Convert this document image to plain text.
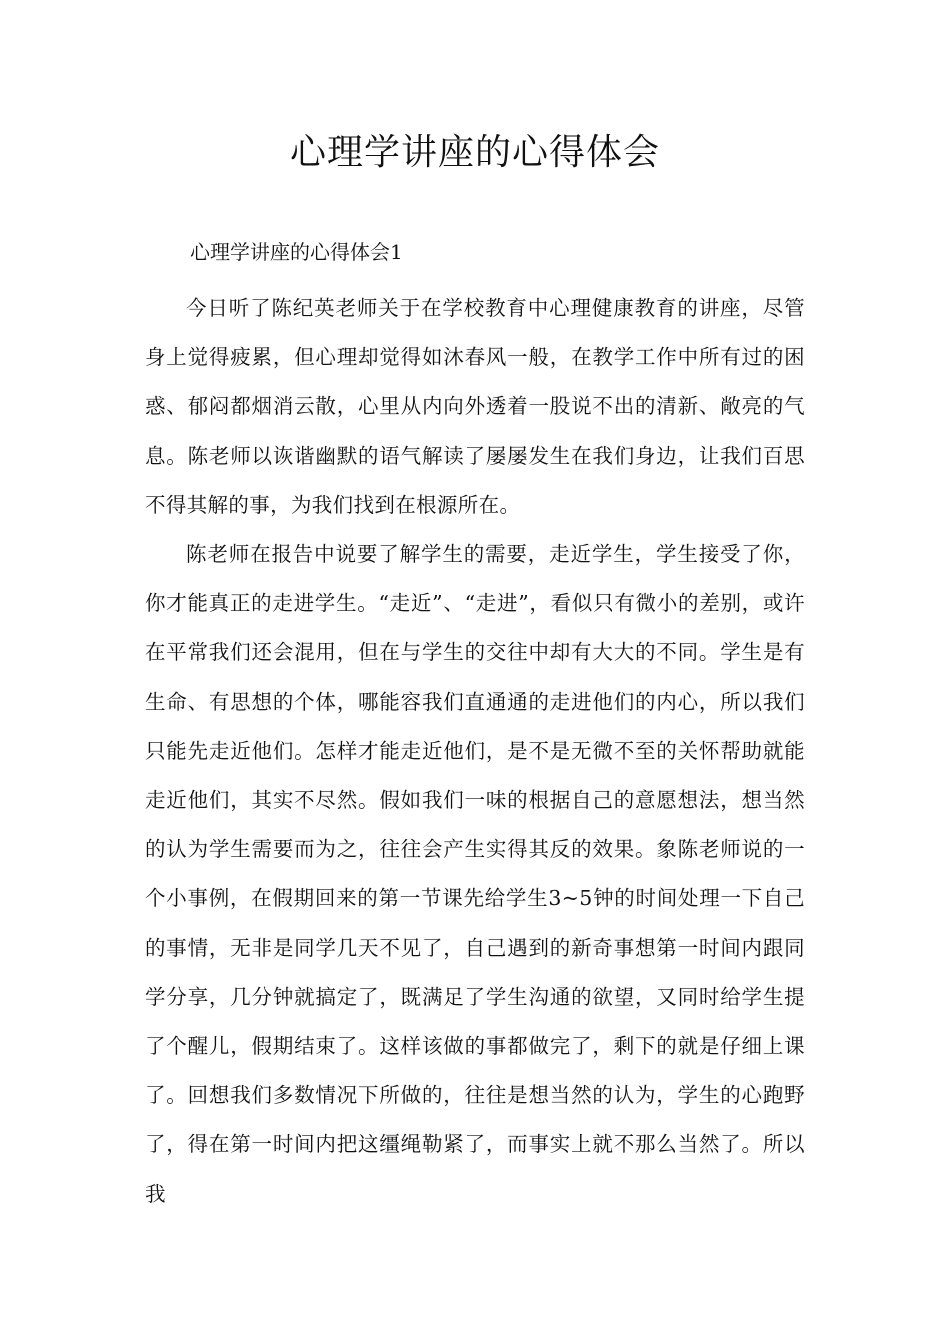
心理学讲座的心得体会

心理学讲座的心得体会1

今日听了陈纪英老师关于在学校教育中心理健康教育的讲座，尽管身上觉得疲累，但心理却觉得如沐春风一般，在教学工作中所有过的困惑、郁闷都烟消云散，心里从内向外透着一股说不出的清新、敞亮的气息。陈老师以诙谐幽默的语气解读了屡屡发生在我们身边，让我们百思不得其解的事，为我们找到在根源所在。

陈老师在报告中说要了解学生的需要，走近学生，学生接受了你，你才能真正的走进学生。“走近”、“走进”，看似只有微小的差别，或许在平常我们还会混用，但在与学生的交往中却有大大的不同。学生是有生命、有思想的个体，哪能容我们直通通的走进他们的内心，所以我们只能先走近他们。怎样才能走近他们，是不是无微不至的关怀帮助就能走近他们，其实不尽然。假如我们一味的根据自己的意愿想法，想当然的认为学生需要而为之，往往会产生实得其反的效果。象陈老师说的一个小事例，在假期回来的第一节课先给学生3~5钟的时间处理一下自己的事情，无非是同学几天不见了，自己遇到的新奇事想第一时间内跟同学分享，几分钟就搞定了，既满足了学生沟通的欲望，又同时给学生提了个醒儿，假期结束了。这样该做的事都做完了，剩下的就是仔细上课了。回想我们多数情况下所做的，往往是想当然的认为，学生的心跑野了，得在第一时间内把这缰绳勒紧了，而事实上就不那么当然了。所以我
